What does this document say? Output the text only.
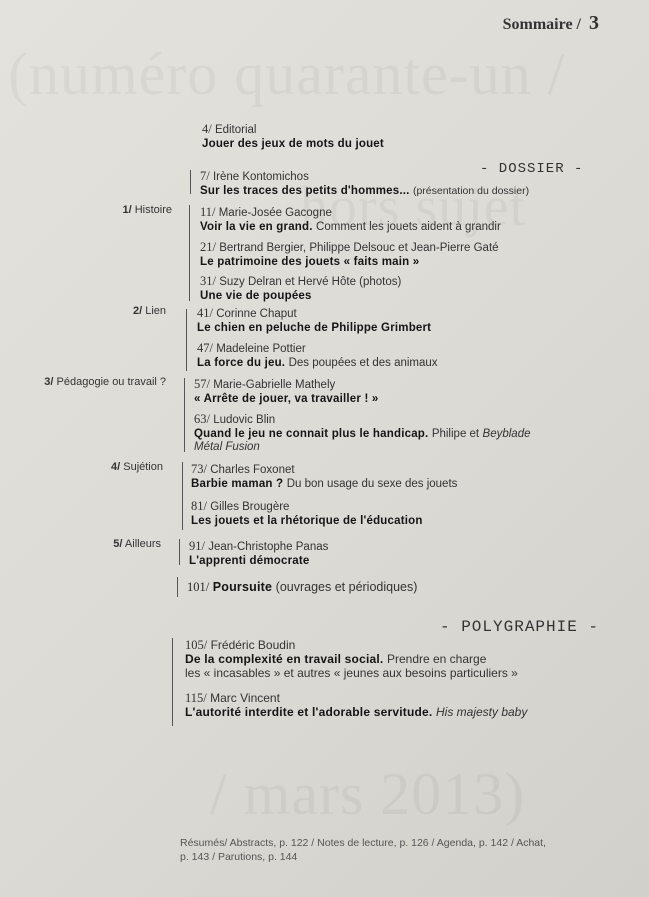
Sommaire / 3
4/ Editorial
Jouer des jeux de mots du jouet
- DOSSIER -
7/ Irène Kontomichos
Sur les traces des petits d'hommes... (présentation du dossier)
1/ Histoire 11/ Marie-Josée Gacogne
Voir la vie en grand. Comment les jouets aident à grandir
21/ Bertrand Bergier, Philippe Delsouc et Jean-Pierre Gaté
Le patrimoine des jouets « faits main »
31/ Suzy Delran et Hervé Hôte (photos)
Une vie de poupées
2/ Lien 41/ Corinne Chaput
Le chien en peluche de Philippe Grimbert
47/ Madeleine Pottier
La force du jeu. Des poupées et des animaux
3/ Pédagogie ou travail ? 57/ Marie-Gabrielle Mathely
« Arrête de jouer, va travailler ! »
63/ Ludovic Blin
Quand le jeu ne connait plus le handicap. Philipe et Beyblade
Métal Fusion
4/ Sujétion 73/ Charles Foxonet
Barbie maman ? Du bon usage du sexe des jouets
81/ Gilles Brougère
Les jouets et la rhétorique de l'éducation
5/ Ailleurs 91/ Jean-Christophe Panas
L'apprenti démocrate
101/ Poursuite (ouvrages et périodiques)
- POLYGRAPHIE -
105/ Frédéric Boudin
De la complexité en travail social. Prendre en charge
les « incasables » et autres « jeunes aux besoins particuliers »
115/ Marc Vincent
L'autorité interdite et l'adorable servitude. His majesty baby
Résumés/ Abstracts, p. 122 / Notes de lecture, p. 126 / Agenda, p. 142 / Achat,
p. 143 / Parutions, p. 144
